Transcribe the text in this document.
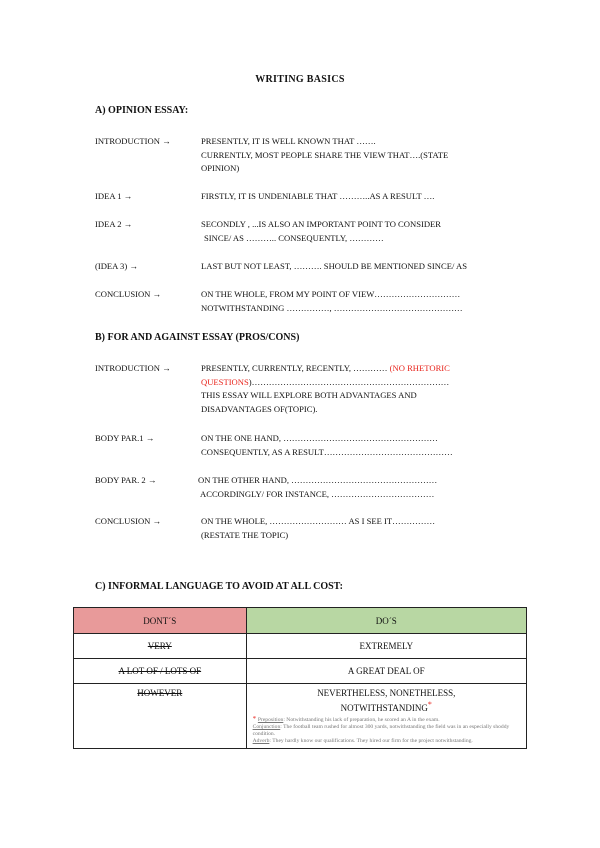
WRITING BASICS
A) OPINION ESSAY:
INTRODUCTION →	PRESENTLY, IT IS WELL KNOWN THAT …….
CURRENTLY, MOST PEOPLE SHARE THE VIEW THAT….(STATE
OPINION)
IDEA 1 →	FIRSTLY, IT IS UNDENIABLE THAT ………..AS A RESULT ….
IDEA 2 →	SECONDLY , ...IS ALSO AN IMPORTANT POINT TO CONSIDER
SINCE/ AS ……….. CONSEQUENTLY, …………
(IDEA 3) →	LAST BUT NOT LEAST, ………. SHOULD BE MENTIONED SINCE/ AS
CONCLUSION →	ON THE WHOLE, FROM MY POINT OF VIEW…………………………
NOTWITHSTANDING ……………, ………………………………………
B) FOR AND AGAINST ESSAY (PROS/CONS)
INTRODUCTION →	PRESENTLY, CURRENTLY, RECENTLY, ………… (NO RHETORIC
QUESTIONS)……………………………………………………………
THIS ESSAY WILL EXPLORE BOTH ADVANTAGES AND
DISADVANTAGES OF(TOPIC).
BODY PAR.1 →	ON THE ONE HAND, ………………………………………………
CONSEQUENTLY, AS A RESULT………………………………………
BODY PAR. 2 →	ON THE OTHER HAND, ……………………………………………
ACCORDINGLY/ FOR INSTANCE, ………………………………
CONCLUSION →	ON THE WHOLE, ……………………… AS I SEE IT……………
(RESTATE THE TOPIC)
C) INFORMAL LANGUAGE TO AVOID AT ALL COST:
DONT´S	DO´S
VERY	EXTREMELY
A LOT OF / LOTS OF	A GREAT DEAL OF
HOWEVER	NEVERTHELESS, NONETHELESS,
NOTWITHSTANDING*
* Preposition: Notwithstanding his lack of preparation, he scored an A in the exam.
Conjunction: The football team rushed for almost 300 yards, notwithstanding the field was in an especially shoddy condition.
Adverb: They hardly know our qualifications. They hired our firm for the project notwithstanding.
